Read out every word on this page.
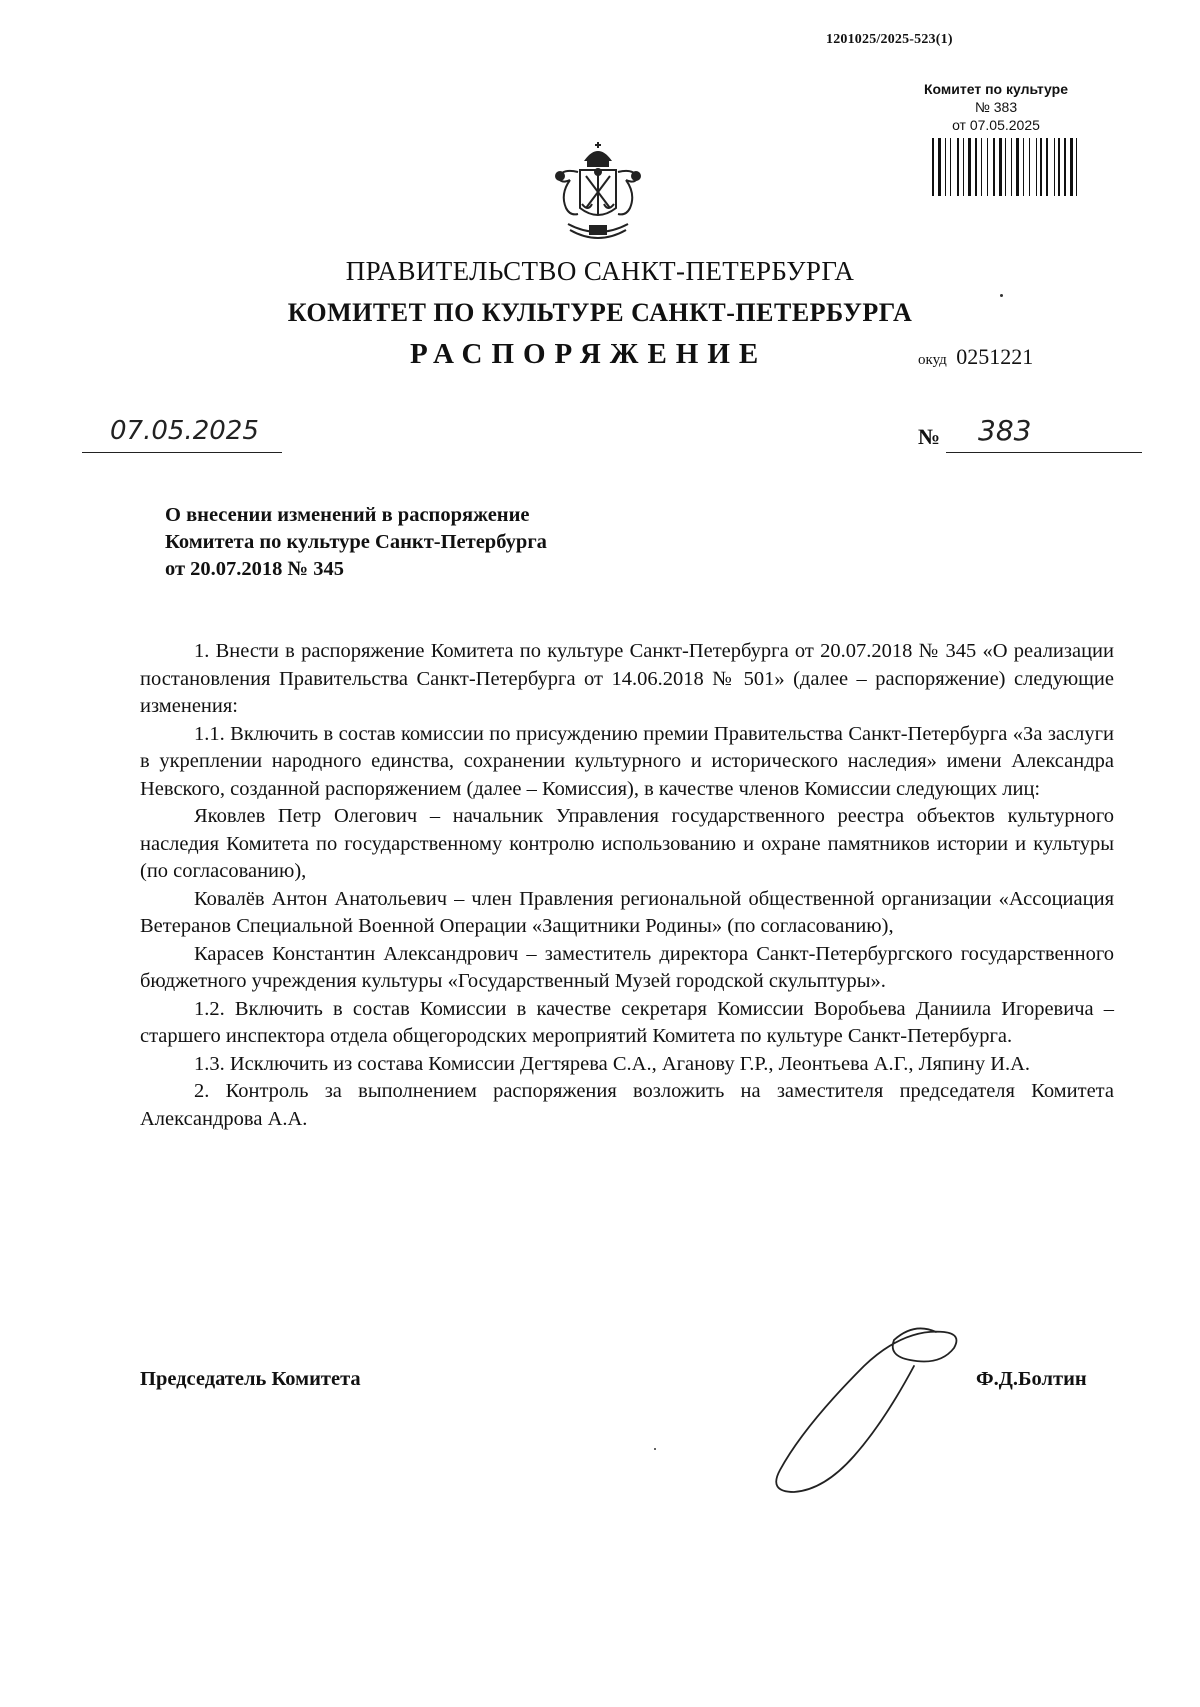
1201025/2025-523(1)
Комитет по культуре
№ 383
от 07.05.2025
ПРАВИТЕЛЬСТВО САНКТ-ПЕТЕРБУРГА
КОМИТЕТ ПО КУЛЬТУРЕ САНКТ-ПЕТЕРБУРГА
РАСПОРЯЖЕНИЕ	окуд 0251221
07.05.2025	№ 383
О внесении изменений в распоряжение
Комитета по культуре Санкт-Петербурга
от 20.07.2018 № 345

1. Внести в распоряжение Комитета по культуре Санкт-Петербурга от 20.07.2018 № 345 «О реализации постановления Правительства Санкт-Петербурга от 14.06.2018 № 501» (далее – распоряжение) следующие изменения:

1.1. Включить в состав комиссии по присуждению премии Правительства Санкт-Петербурга «За заслуги в укреплении народного единства, сохранении культурного и исторического наследия» имени Александра Невского, созданной распоряжением (далее – Комиссия), в качестве членов Комиссии следующих лиц:

Яковлев Петр Олегович – начальник Управления государственного реестра объектов культурного наследия Комитета по государственному контролю использованию и охране памятников истории и культуры (по согласованию),

Ковалёв Антон Анатольевич – член Правления региональной общественной организации «Ассоциация Ветеранов Специальной Военной Операции «Защитники Родины» (по согласованию),

Карасев Константин Александрович – заместитель директора Санкт-Петербургского государственного бюджетного учреждения культуры «Государственный Музей городской скульптуры».

1.2. Включить в состав Комиссии в качестве секретаря Комиссии Воробьева Даниила Игоревича – старшего инспектора отдела общегородских мероприятий Комитета по культуре Санкт-Петербурга.

1.3. Исключить из состава Комиссии Дегтярева С.А., Аганову Г.Р., Леонтьева А.Г., Ляпину И.А.

2. Контроль за выполнением распоряжения возложить на заместителя председателя Комитета Александрова А.А.

Председатель Комитета	Ф.Д.Болтин
